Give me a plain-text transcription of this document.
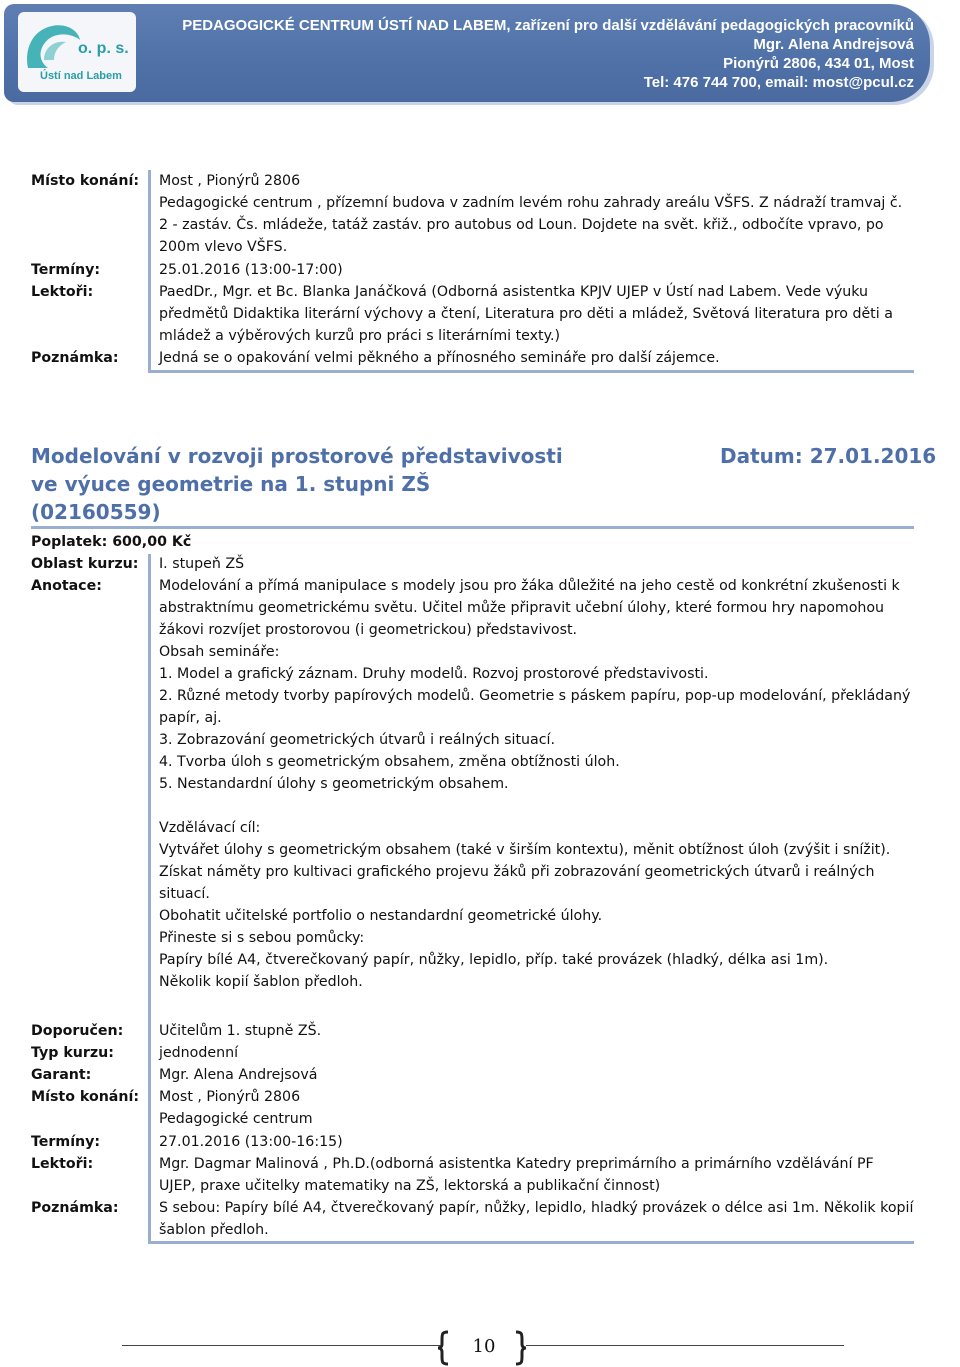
o. p. s.
Ústí nad Labem
PEDAGOGICKÉ CENTRUM ÚSTÍ NAD LABEM, zařízení pro další vzdělávání pedagogických pracovníků
Mgr. Alena Andrejsová
Pionýrů 2806, 434 01, Most
Tel: 476 744 700, email: most@pcul.cz
Místo konání: Most , Pionýrů 2806
Pedagogické centrum , přízemní budova v zadním levém rohu zahrady areálu VŠFS. Z nádraží tramvaj č. 2 - zastáv. Čs. mládeže, tatáž zastáv. pro autobus od Loun. Dojdete na svět. křiž., odbočíte vpravo, po 200m vlevo VŠFS.
Termíny:	25.01.2016 (13:00-17:00)
Lektoři:	PaedDr., Mgr. et Bc. Blanka Janáčková (Odborná asistentka KPJV UJEP v Ústí nad Labem. Vede výuku předmětů Didaktika literární výchovy a čtení, Literatura pro děti a mládež, Světová literatura pro děti a mládež a výběrových kurzů pro práci s literárními texty.)
Poznámka:	Jedná se o opakování velmi pěkného a přínosného semináře pro další zájemce.
Modelování v rozvoji prostorové představivosti
ve výuce geometrie na 1. stupni ZŠ
(02160559)
Datum: 27.01.2016
Poplatek: 600,00 Kč
Oblast kurzu: I. stupeň ZŠ
Anotace:	Modelování a přímá manipulace s modely jsou pro žáka důležité na jeho cestě od konkrétní zkušenosti k abstraktnímu geometrickému světu. Učitel může připravit učební úlohy, které formou hry napomohou žákovi rozvíjet prostorovou (i geometrickou) představivost.
Obsah semináře:
1. Model a grafický záznam. Druhy modelů. Rozvoj prostorové představivosti.
2. Různé metody tvorby papírových modelů. Geometrie s páskem papíru, pop-up modelování, překládaný papír, aj.
3. Zobrazování geometrických útvarů i reálných situací.
4. Tvorba úloh s geometrickým obsahem, změna obtížnosti úloh.
5. Nestandardní úlohy s geometrickým obsahem.
Vzdělávací cíl:
Vytvářet úlohy s geometrickým obsahem (také v širším kontextu), měnit obtížnost úloh (zvýšit i snížit).
Získat náměty pro kultivaci grafického projevu žáků při zobrazování geometrických útvarů i reálných situací.
Obohatit učitelské portfolio o nestandardní geometrické úlohy.
Přineste si s sebou pomůcky:
Papíry bílé A4, čtverečkovaný papír, nůžky, lepidlo, příp. také provázek (hladký, délka asi 1m).
Několik kopií šablon předloh.
Doporučen:	Učitelům 1. stupně ZŠ.
Typ kurzu:	jednodenní
Garant:	Mgr. Alena Andrejsová
Místo konání: Most , Pionýrů 2806
Pedagogické centrum
Termíny:	27.01.2016 (13:00-16:15)
Lektoři:	Mgr. Dagmar Malinová , Ph.D.(odborná asistentka Katedry preprimárního a primárního vzdělávání PF UJEP, praxe učitelky matematiky na ZŠ, lektorská a publikační činnost)
Poznámka:	S sebou: Papíry bílé A4, čtverečkovaný papír, nůžky, lepidlo, hladký provázek o délce asi 1m. Několik kopií šablon předloh.
10
